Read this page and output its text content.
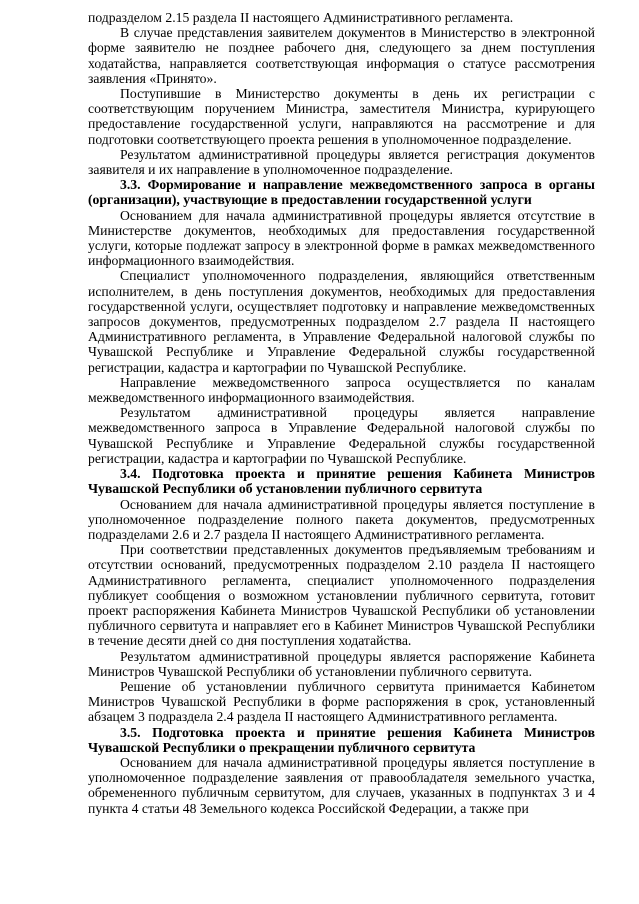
подразделом 2.15 раздела II настоящего Административного регламента.

В случае представления заявителем документов в Министерство в электронной форме заявителю не позднее рабочего дня, следующего за днем поступления ходатайства, направляется соответствующая информация о статусе рассмотрения заявления «Принято».

Поступившие в Министерство документы в день их регистрации с соответствующим поручением Министра, заместителя Министра, курирующего предоставление государственной услуги, направляются на рассмотрение и для подготовки соответствующего проекта решения в уполномоченное подразделение.

Результатом административной процедуры является регистрация документов заявителя и их направление в уполномоченное подразделение.

3.3. Формирование и направление межведомственного запроса в органы (организации), участвующие в предоставлении государственной услуги

Основанием для начала административной процедуры является отсутствие в Министерстве документов, необходимых для предоставления государственной услуги, которые подлежат запросу в электронной форме в рамках межведомственного информационного взаимодействия.

Специалист уполномоченного подразделения, являющийся ответственным исполнителем, в день поступления документов, необходимых для предоставления государственной услуги, осуществляет подготовку и направление межведомственных запросов документов, предусмотренных подразделом 2.7 раздела II настоящего Административного регламента, в Управление Федеральной налоговой службы по Чувашской Республике и Управление Федеральной службы государственной регистрации, кадастра и картографии по Чувашской Республике.

Направление межведомственного запроса осуществляется по каналам межведомственного информационного взаимодействия.

Результатом административной процедуры является направление межведомственного запроса в Управление Федеральной налоговой службы по Чувашской Республике и Управление Федеральной службы государственной регистрации, кадастра и картографии по Чувашской Республике.

3.4. Подготовка проекта и принятие решения Кабинета Министров Чувашской Республики об установлении публичного сервитута

Основанием для начала административной процедуры является поступление в уполномоченное подразделение полного пакета документов, предусмотренных подразделами 2.6 и 2.7 раздела II настоящего Административного регламента.

При соответствии представленных документов предъявляемым требованиям и отсутствии оснований, предусмотренных подразделом 2.10 раздела II настоящего Административного регламента, специалист уполномоченного подразделения публикует сообщения о возможном установлении публичного сервитута, готовит проект распоряжения Кабинета Министров Чувашской Республики об установлении публичного сервитута и направляет его в Кабинет Министров Чувашской Республики в течение десяти дней со дня поступления ходатайства.

Результатом административной процедуры является распоряжение Кабинета Министров Чувашской Республики об установлении публичного сервитута.

Решение об установлении публичного сервитута принимается Кабинетом Министров Чувашской Республики в форме распоряжения в срок, установленный абзацем 3 подраздела 2.4 раздела II настоящего Административного регламента.

3.5. Подготовка проекта и принятие решения Кабинета Министров Чувашской Республики о прекращении публичного сервитута

Основанием для начала административной процедуры является поступление в уполномоченное подразделение заявления от правообладателя земельного участка, обремененного публичным сервитутом, для случаев, указанных в подпунктах 3 и 4 пункта 4 статьи 48 Земельного кодекса Российской Федерации, а также при
